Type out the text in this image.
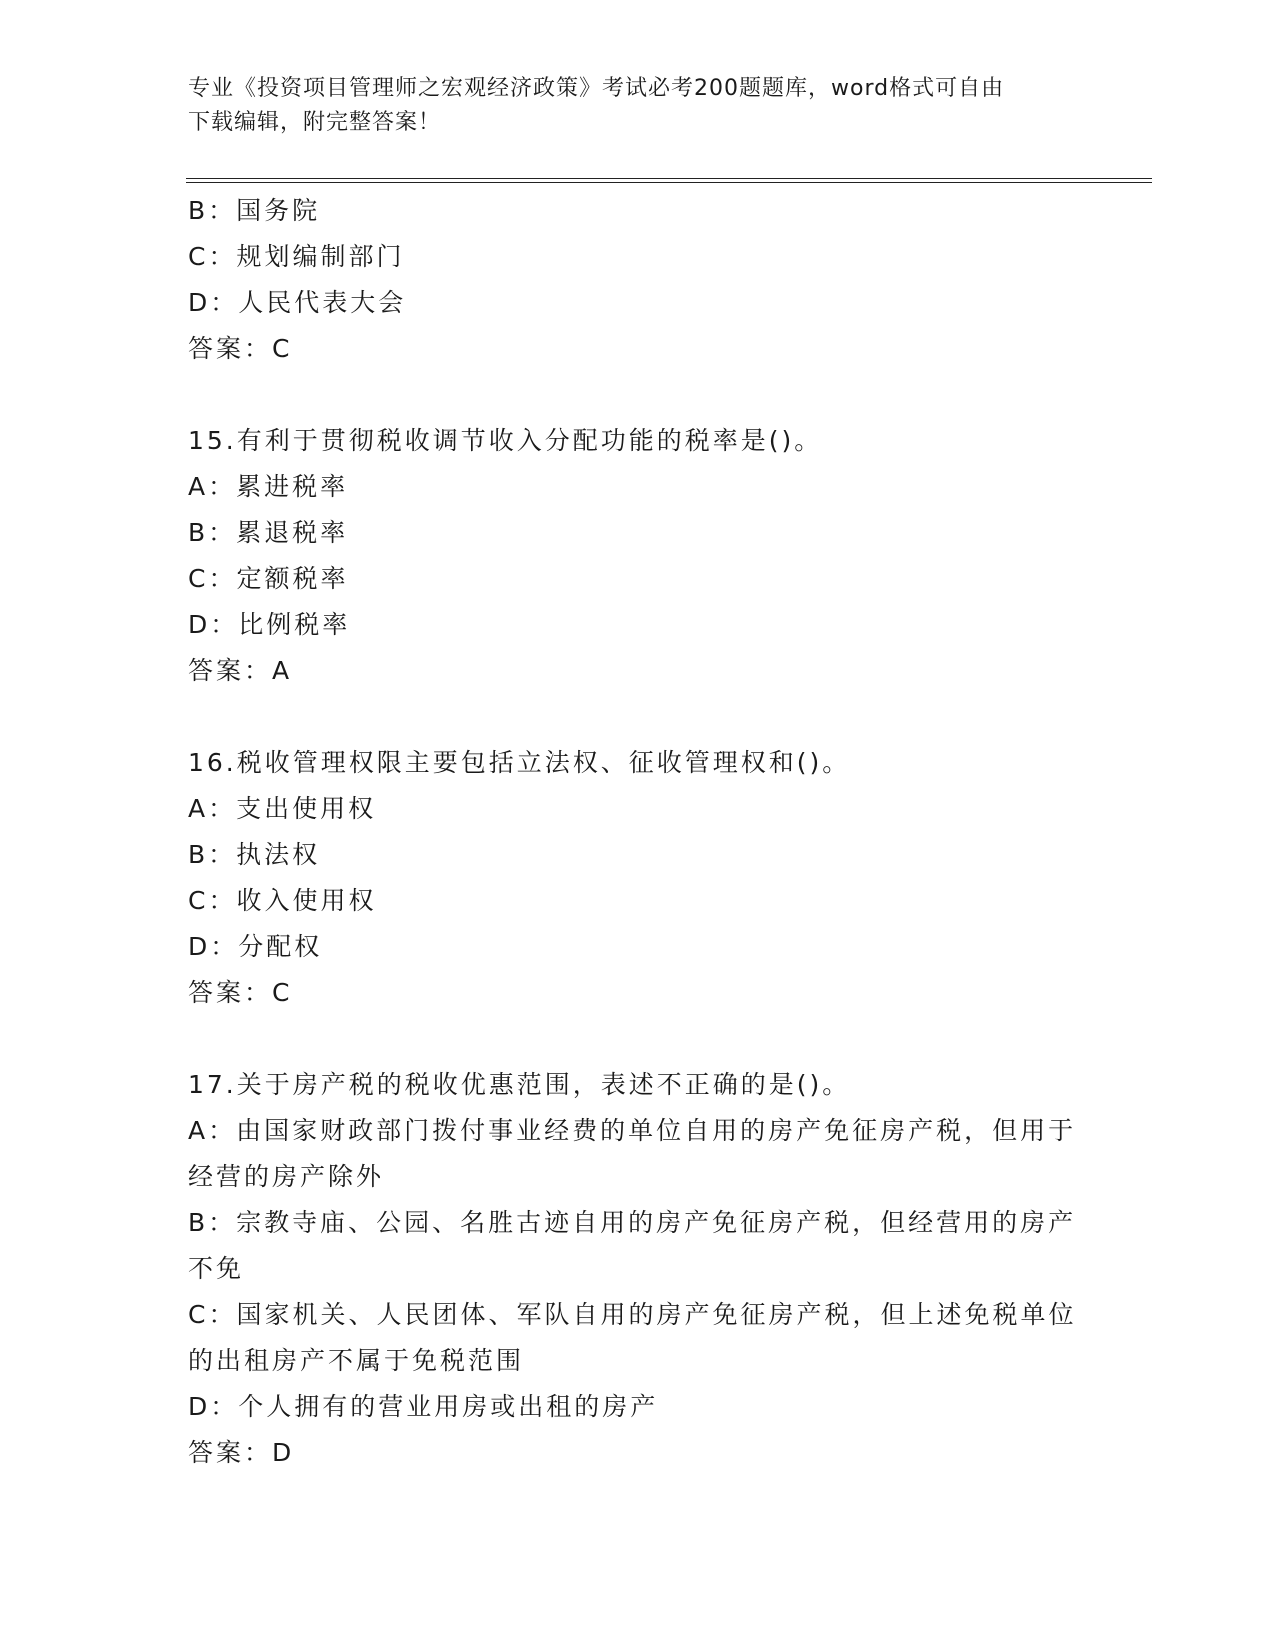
专业《投资项目管理师之宏观经济政策》考试必考200题题库，word格式可自由
下载编辑，附完整答案！
B：国务院
C：规划编制部门
D：人民代表大会
答案：C
15.有利于贯彻税收调节收入分配功能的税率是()。
A：累进税率
B：累退税率
C：定额税率
D：比例税率
答案：A
16.税收管理权限主要包括立法权、征收管理权和()。
A：支出使用权
B：执法权
C：收入使用权
D：分配权
答案：C
17.关于房产税的税收优惠范围，表述不正确的是()。
A：由国家财政部门拨付事业经费的单位自用的房产免征房产税，但用于经营的房产除外
B：宗教寺庙、公园、名胜古迹自用的房产免征房产税，但经营用的房产不免
C：国家机关、人民团体、军队自用的房产免征房产税，但上述免税单位的出租房产不属于免税范围
D：个人拥有的营业用房或出租的房产
答案：D
